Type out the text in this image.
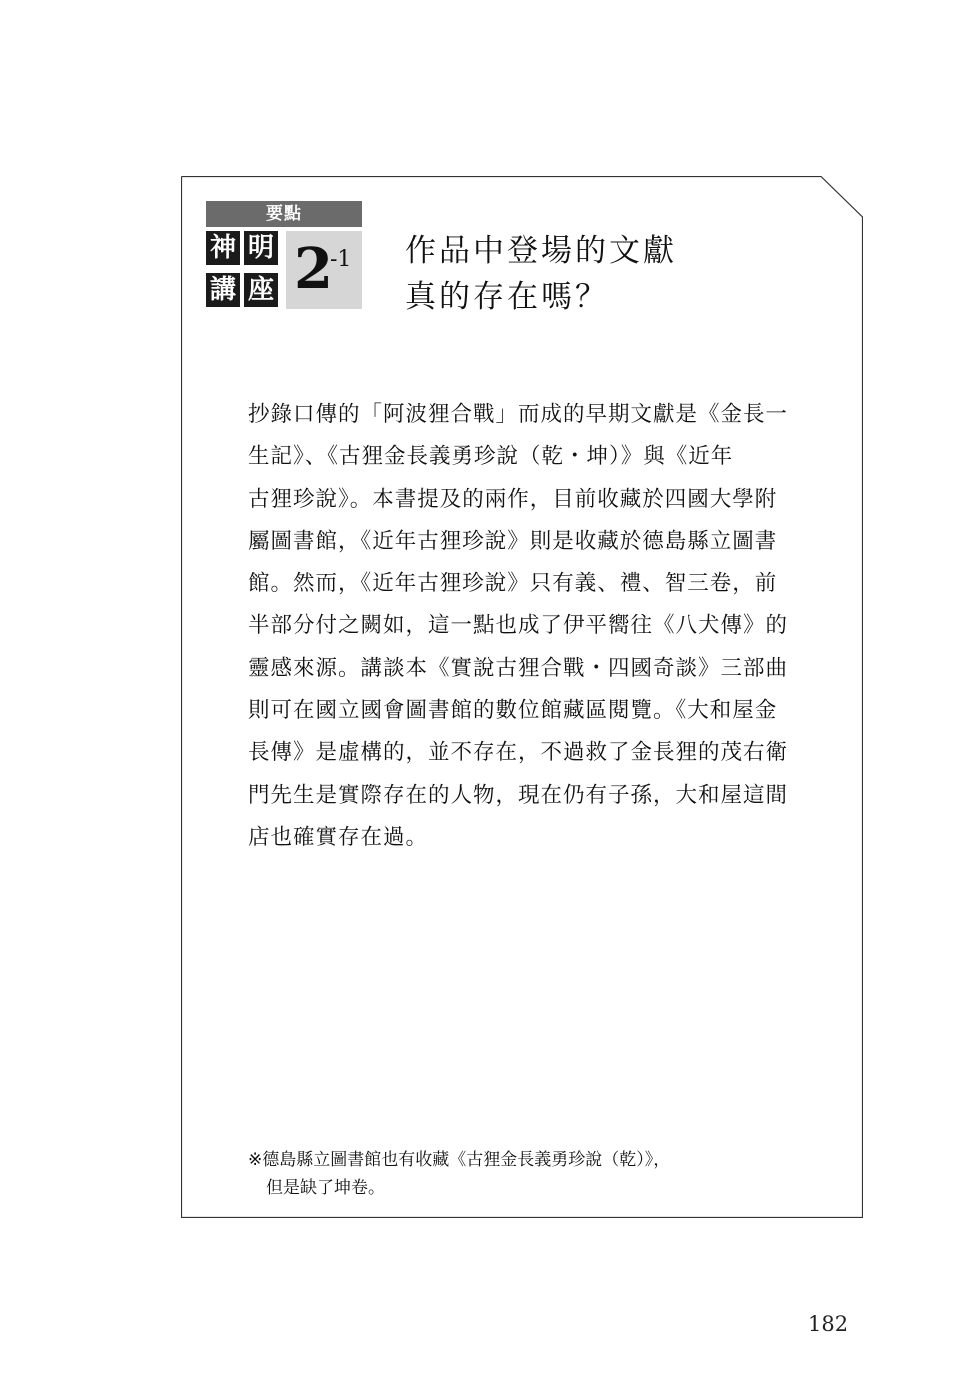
要點
神 明
講 座 2
-1 作品中登場的文獻
真的存在嗎？
抄錄口傳的「阿波狸合戰」而成的早期文獻是《金長一
生記》、《古狸金長義勇珍說（乾・坤）》與《近年
古狸珍說》。本書提及的兩作，目前收藏於四國大學附
屬圖書館，《近年古狸珍說》則是收藏於德島縣立圖書
館。然而，《近年古狸珍說》只有義、禮、智三卷，前
半部分付之闕如，這一點也成了伊平嚮往《八犬傳》的
靈感來源。講談本《實說古狸合戰・四國奇談》三部曲
則可在國立國會圖書館的數位館藏區閱覽。《大和屋金
長傳》是虛構的，並不存在，不過救了金長狸的茂右衛
門先生是實際存在的人物，現在仍有子孫，大和屋這間
店也確實存在過。
※德島縣立圖書館也有收藏《古狸金長義勇珍說（乾）》，
但是缺了坤卷。
182
